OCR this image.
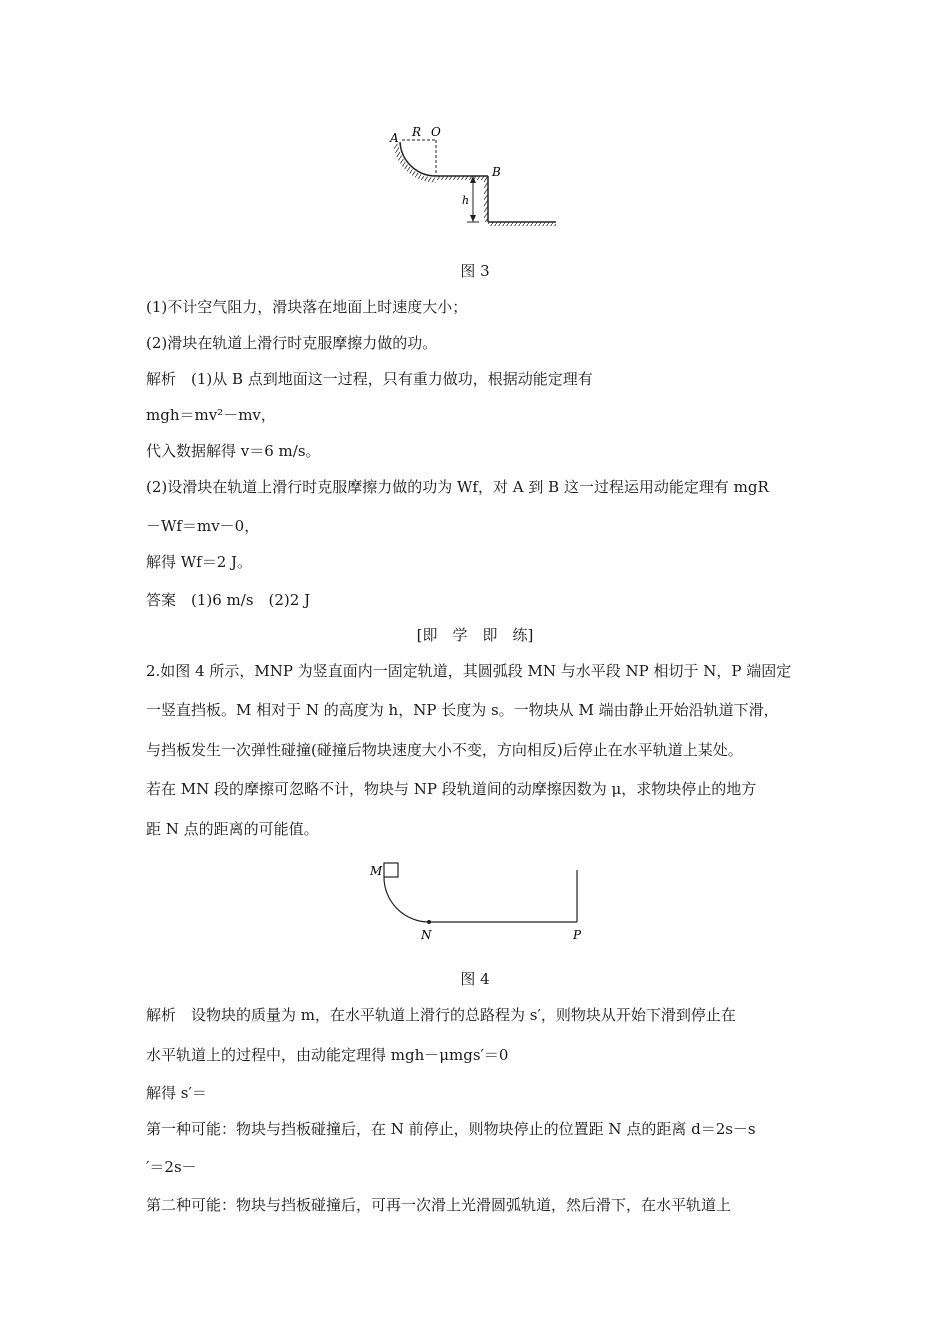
A R O
B
h
图 3
(1)不计空气阻力，滑块落在地面上时速度大小；
(2)滑块在轨道上滑行时克服摩擦力做的功。
解析　(1)从 B 点到地面这一过程，只有重力做功，根据动能定理有
mgh＝mv²－mv，
代入数据解得 v＝6 m/s。
(2)设滑块在轨道上滑行时克服摩擦力做的功为 Wf，对 A 到 B 这一过程运用动能定理有 mgR
－Wf＝mv－0，
解得 Wf＝2 J。
答案　(1)6 m/s　(2)2 J
[即　学　即　练]
2.如图 4 所示，MNP 为竖直面内一固定轨道，其圆弧段 MN 与水平段 NP 相切于 N，P 端固定
一竖直挡板。M 相对于 N 的高度为 h，NP 长度为 s。一物块从 M 端由静止开始沿轨道下滑，
与挡板发生一次弹性碰撞(碰撞后物块速度大小不变，方向相反)后停止在水平轨道上某处。
若在 MN 段的摩擦可忽略不计，物块与 NP 段轨道间的动摩擦因数为 μ，求物块停止的地方
距 N 点的距离的可能值。
M
N	P
图 4
解析　设物块的质量为 m，在水平轨道上滑行的总路程为 s′，则物块从开始下滑到停止在
水平轨道上的过程中，由动能定理得 mgh－μmgs′＝0
解得 s′＝
第一种可能：物块与挡板碰撞后，在 N 前停止，则物块停止的位置距 N 点的距离 d＝2s－s
′＝2s－
第二种可能：物块与挡板碰撞后，可再一次滑上光滑圆弧轨道，然后滑下，在水平轨道上
